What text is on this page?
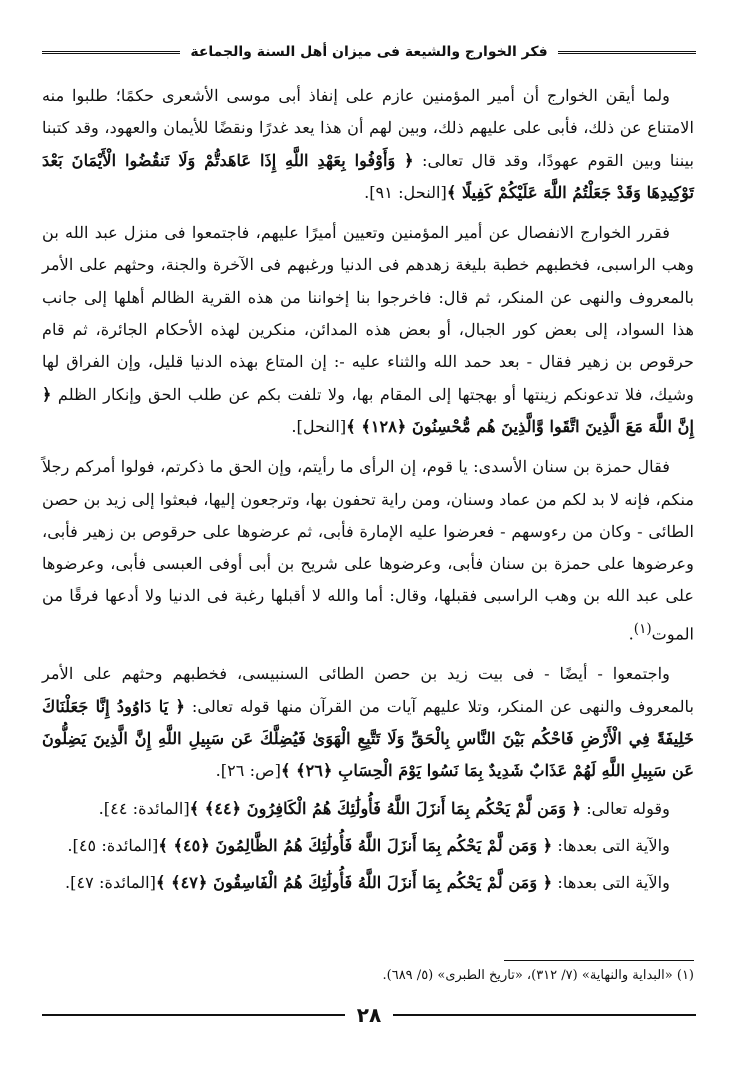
فكر الخوارج والشيعة فى ميزان أهل السنة والجماعة

ولما أيقن الخوارج أن أمير المؤمنين عازم على إنفاذ أبى موسى الأشعرى حكمًا؛ طلبوا منه الامتناع عن ذلك، فأبى على عليهم ذلك، وبين لهم أن هذا يعد غدرًا ونقضًا للأيمان والعهود، وقد كتبنا بيننا وبين القوم عهودًا، وقد قال تعالى: ﴿ وَأَوْفُوا بِعَهْدِ اللَّهِ إِذَا عَاهَدتُّمْ وَلَا تَنقُضُوا الْأَيْمَانَ بَعْدَ تَوْكِيدِهَا وَقَدْ جَعَلْتُمُ اللَّهَ عَلَيْكُمْ كَفِيلًا ﴾[النحل: ٩١].

فقرر الخوارج الانفصال عن أمير المؤمنين وتعيين أميرًا عليهم، فاجتمعوا فى منزل عبد الله بن وهب الراسبى، فخطبهم خطبة بليغة زهدهم فى الدنيا ورغبهم فى الآخرة والجنة، وحثهم على الأمر بالمعروف والنهى عن المنكر، ثم قال: فاخرجوا بنا إخواننا من هذه القرية الظالم أهلها إلى جانب هذا السواد، إلى بعض كور الجبال، أو بعض هذه المدائن، منكرين لهذه الأحكام الجائرة، ثم قام حرقوص بن زهير فقال - بعد حمد الله والثناء عليه -: إن المتاع بهذه الدنيا قليل، وإن الفراق لها وشيك، فلا تدعونكم زينتها أو بهجتها إلى المقام بها، ولا تلفت بكم عن طلب الحق وإنكار الظلم ﴿ إِنَّ اللَّهَ مَعَ الَّذِينَ اتَّقَوا وَّالَّذِينَ هُم مُّحْسِنُونَ ﴿١٢٨﴾ ﴾[النحل].

فقال حمزة بن سنان الأسدى: يا قوم، إن الرأى ما رأيتم، وإن الحق ما ذكرتم، فولوا أمركم رجلاً منكم، فإنه لا بد لكم من عماد وسنان، ومن راية تحفون بها، وترجعون إليها، فبعثوا إلى زيد بن حصن الطائى - وكان من رءوسهم - فعرضوا عليه الإمارة فأبى، ثم عرضوها على حرقوص بن زهير فأبى، وعرضوها على حمزة بن سنان فأبى، وعرضوها على شريح بن أبى أوفى العبسى فأبى، وعرضوها على عبد الله بن وهب الراسبى فقبلها، وقال: أما والله لا أقبلها رغبة فى الدنيا ولا أدعها فرقًا من الموت$^{(١)}$.

واجتمعوا - أيضًا - فى بيت زيد بن حصن الطائى السنبيسى، فخطبهم وحثهم على الأمر بالمعروف والنهى عن المنكر، وتلا عليهم آيات من القرآن منها قوله تعالى: ﴿ يَا دَاوُودُ إِنَّا جَعَلْنَاكَ خَلِيفَةً فِي الْأَرْضِ فَاحْكُم بَيْنَ النَّاسِ بِالْحَقِّ وَلَا تَتَّبِعِ الْهَوَىٰ فَيُضِلَّكَ عَن سَبِيلِ اللَّهِ إِنَّ الَّذِينَ يَضِلُّونَ عَن سَبِيلِ اللَّهِ لَهُمْ عَذَابٌ شَدِيدٌ بِمَا نَسُوا يَوْمَ الْحِسَابِ ﴿٢٦﴾ ﴾[ص: ٢٦].
وقوله تعالى: ﴿ وَمَن لَّمْ يَحْكُم بِمَا أَنزَلَ اللَّهُ فَأُولَٰئِكَ هُمُ الْكَافِرُونَ ﴿٤٤﴾ ﴾[المائدة: ٤٤].
والآية التى بعدها: ﴿ وَمَن لَّمْ يَحْكُم بِمَا أَنزَلَ اللَّهُ فَأُولَٰئِكَ هُمُ الظَّالِمُونَ ﴿٤٥﴾ ﴾[المائدة: ٤٥].
والآية التى بعدها: ﴿ وَمَن لَّمْ يَحْكُم بِمَا أَنزَلَ اللَّهُ فَأُولَٰئِكَ هُمُ الْفَاسِقُونَ ﴿٤٧﴾ ﴾[المائدة: ٤٧].

(١) «البداية والنهاية» (٧/ ٣١٢)، «تاريخ الطبرى» (٥/ ٦٨٩).
٢٨
